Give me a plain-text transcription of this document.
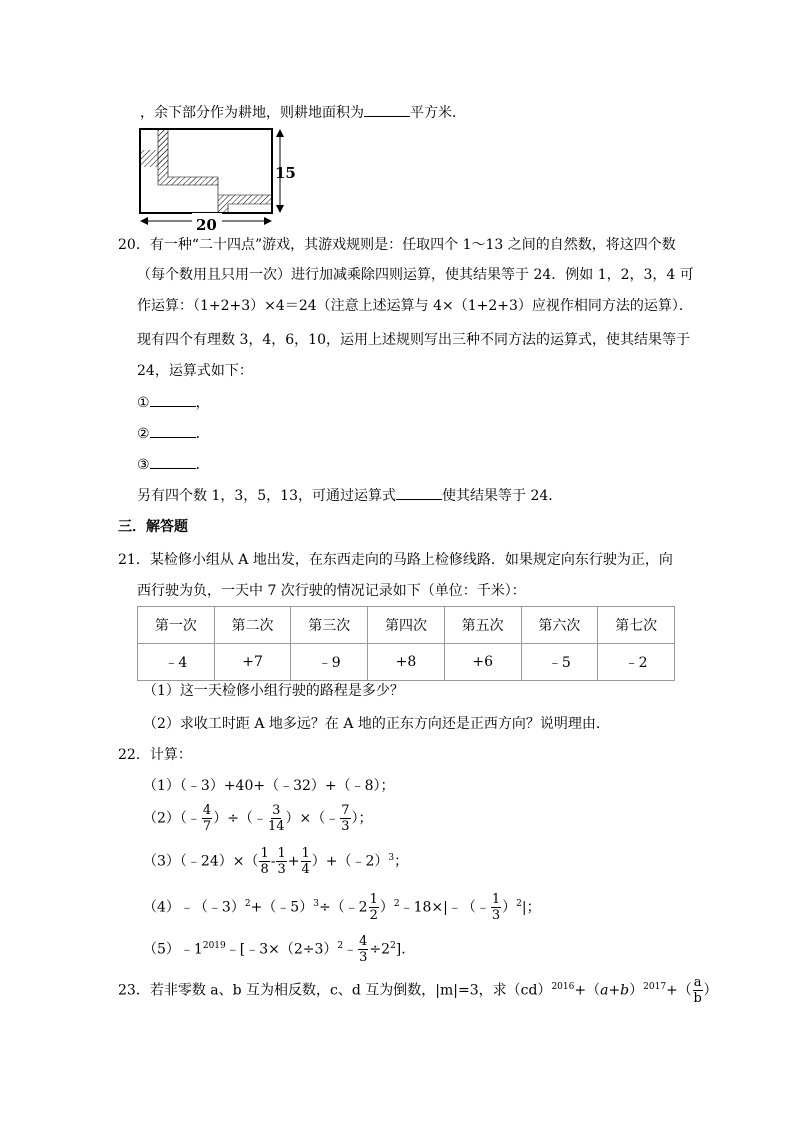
，余下部分作为耕地，则耕地面积为	平方米．
15
20
20．有一种“二十四点”游戏，其游戏规则是：任取四个 1～13 之间的自然数，将这四个数
（每个数用且只用一次）进行加减乘除四则运算，使其结果等于 24．例如 1，2，3，4 可
作运算：（1+2+3）×4＝24（注意上述运算与 4×（1+2+3）应视作相同方法的运算）．
现有四个有理数 3，4，6，10，运用上述规则写出三种不同方法的运算式，使其结果等于
24，运算式如下：
①	，
②	．
③	．
另有四个数 1，3，5，13，可通过运算式	使其结果等于 24．
三．解答题
21．某检修小组从 A 地出发，在东西走向的马路上检修线路．如果规定向东行驶为正，向
西行驶为负，一天中 7 次行驶的情况记录如下（单位：千米）：
第一次	第二次	第三次	第四次	第五次	第六次	第七次
﹣4	+7	﹣9	+8	+6	﹣5	﹣2
（1）这一天检修小组行驶的路程是多少？
（2）求收工时距 A 地多远？在 A 地的正东方向还是正西方向？说明理由．
22．计算：
（1）（﹣3）+40+（﹣32）+（﹣8）；
（2）（﹣ $\frac{4}{7}$ ）÷（﹣ $\frac{3}{14}$ ）×（﹣ $\frac{7}{3}$ ）；
（3）（﹣24）×（ $\frac{1}{8} - \frac{1}{3} + \frac{1}{4}$ ）+（﹣2）$^3$；
（4）﹣（﹣3）$^2$+（﹣5）$^3$÷（﹣2 $\frac{1}{2}$ ）$^2$﹣18×|﹣（﹣ $\frac{1}{3} )^2|$；
$(5)﹣1^{2019}﹣[﹣3\times(2\div 3)^2﹣ \frac{4}{3} \div 2^2]$．
23．若非零数 a、b 互为相反数，c、d 互为倒数，|m|=3，求$(cd)^{2016}+(a+b)^{2017}+( \frac{a}{b}$ ）
